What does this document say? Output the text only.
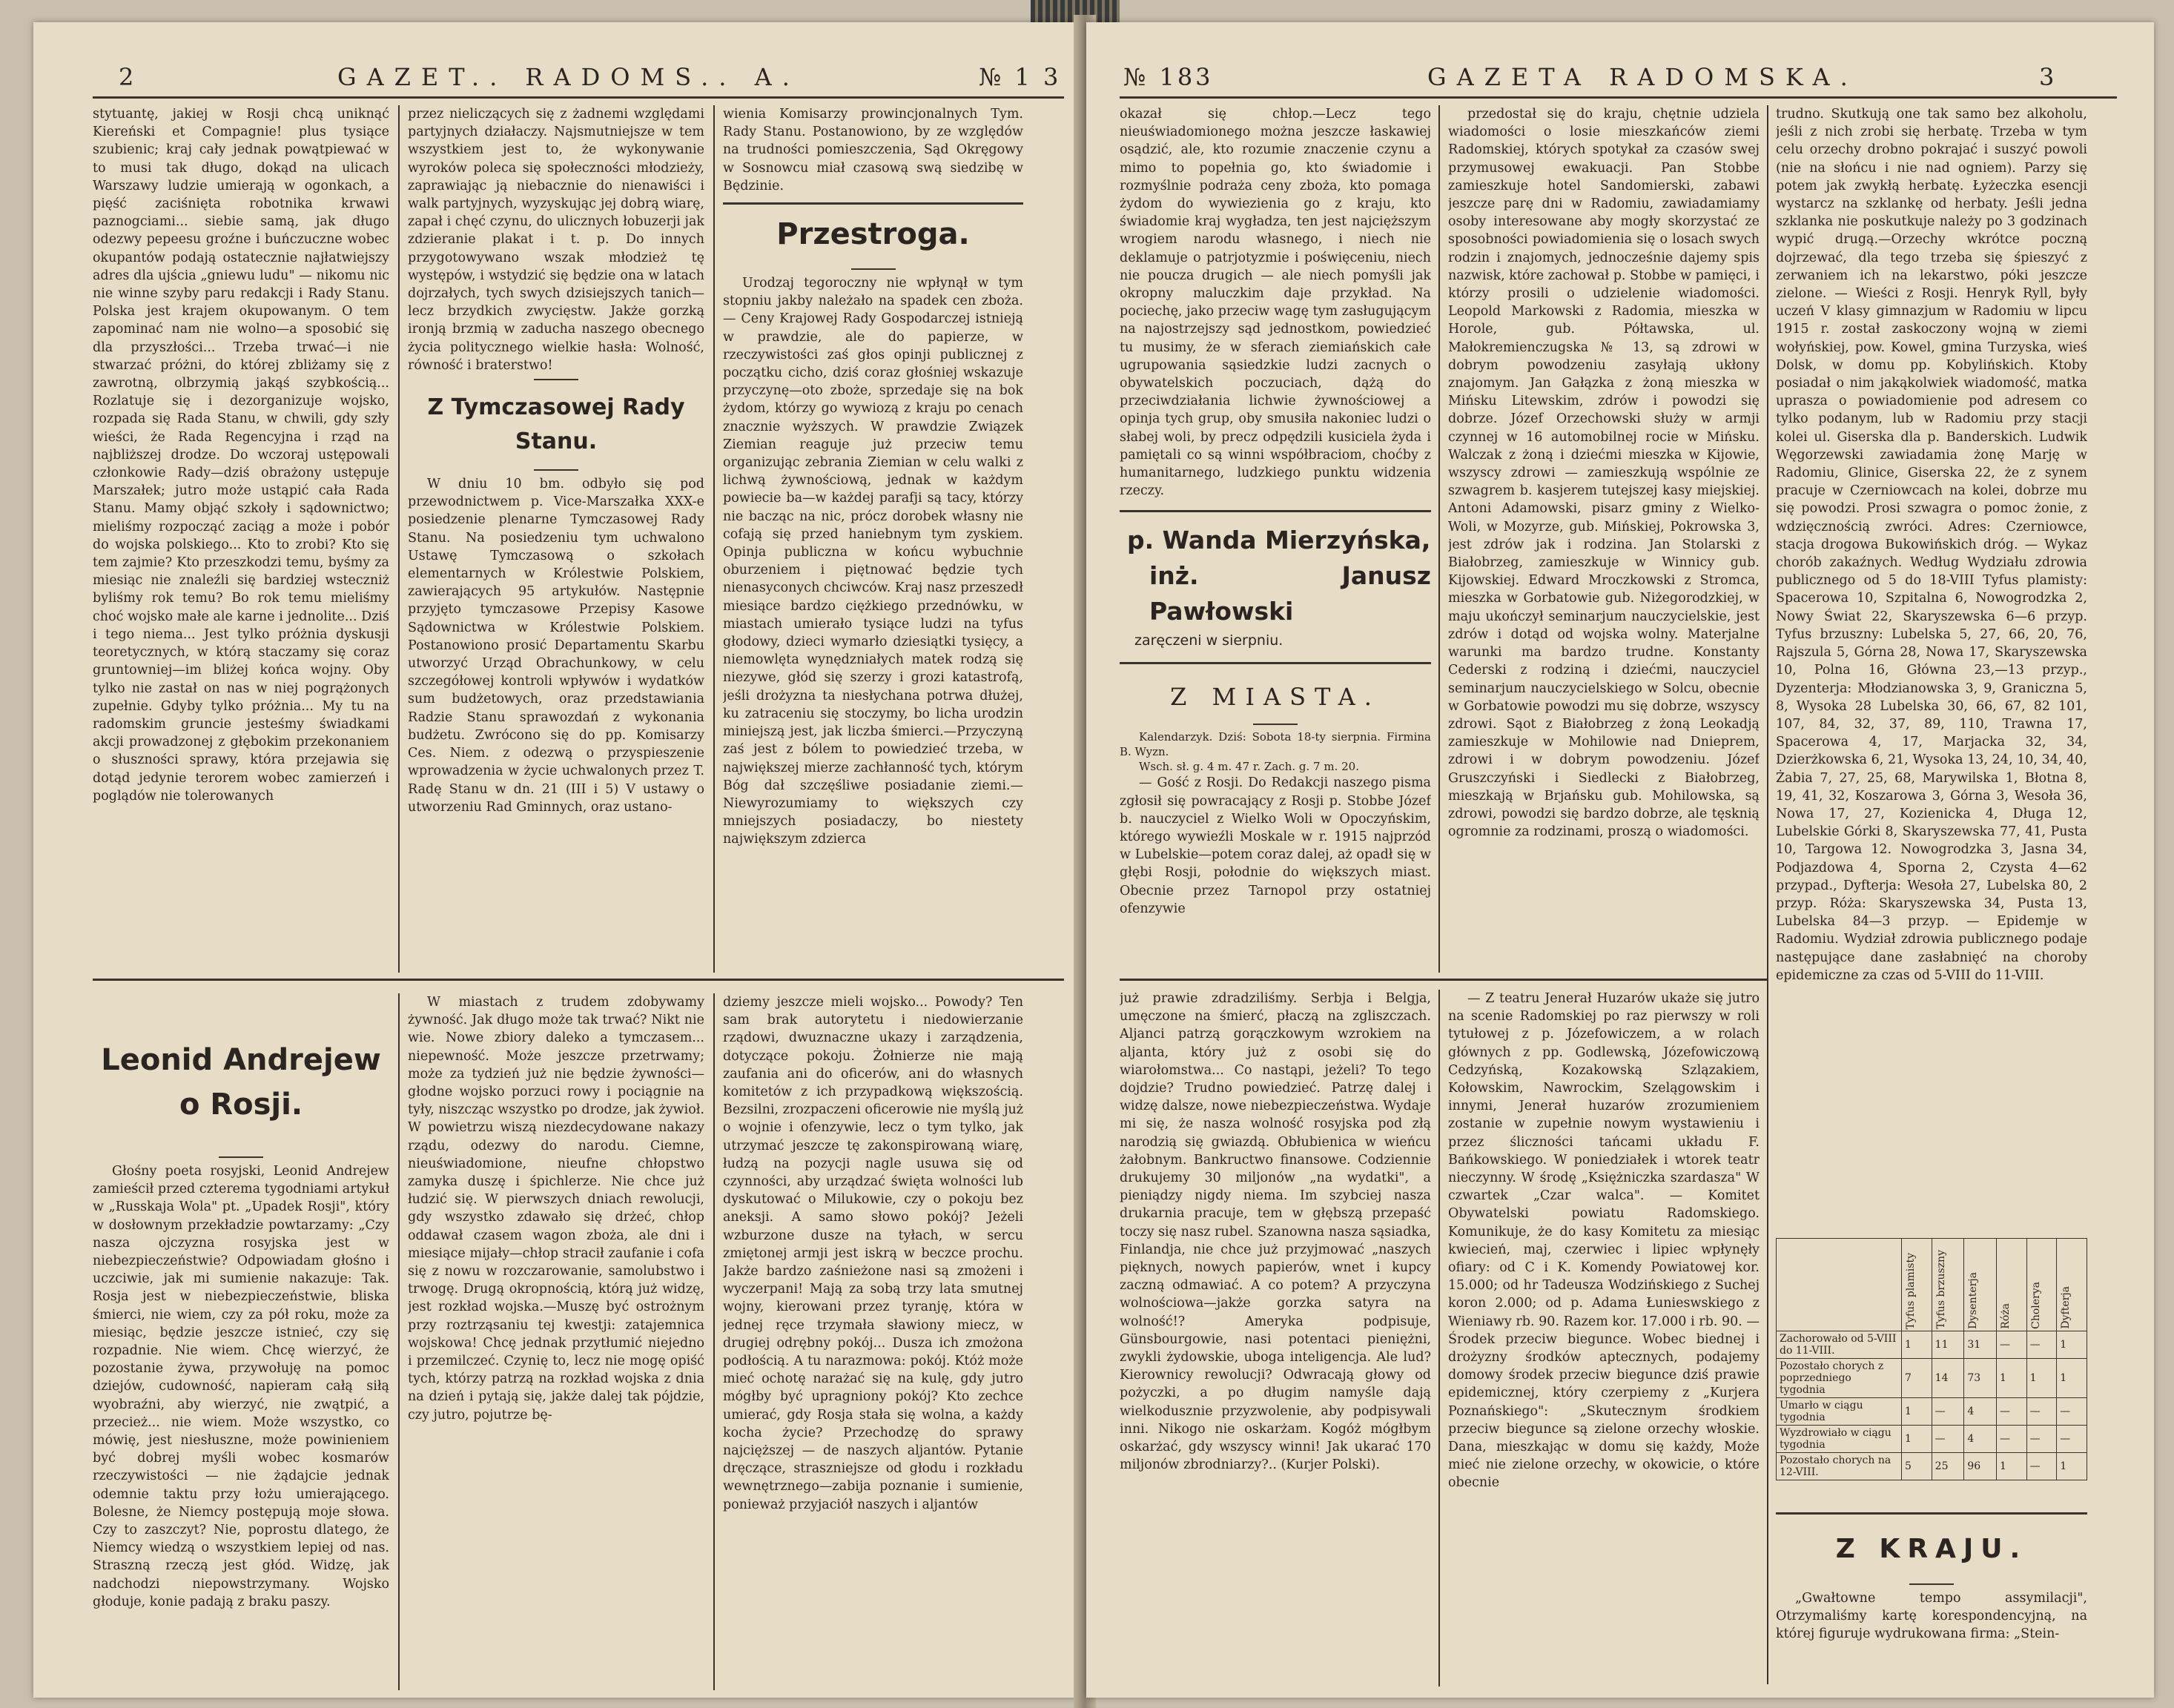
2	GAZET.. RADOMS.. A.	№ 1 3

stytuantę, jakiej w Rosji chcą uniknąć Kiereński et Compagnie! plus tysiące szubienic; kraj cały jednak powątpiewać w to musi tak długo, dokąd na ulicach Warszawy ludzie umierają w ogonkach, a pięść zaciśnięta robotnika krwawi paznogciami... siebie samą, jak długo odezwy pepeesu groźne i buńczuczne wobec okupantów podają ostatecznie najłatwiejszy adres dla ujścia „gniewu ludu" — nikomu nic nie winne szyby paru redakcji i Rady Stanu. Polska jest krajem okupowanym. O tem zapominać nam nie wolno—a sposobić się dla przyszłości... Trzeba trwać—i nie stwarzać próżni, do której zbliżamy się z zawrotną, olbrzymią jakąś szybkością... Rozlatuje się i dezorganizuje wojsko, rozpada się Rada Stanu, w chwili, gdy szły wieści, że Rada Regencyjna i rząd na najbliższej drodze. Do wczoraj ustępowali członkowie Rady—dziś obrażony ustępuje Marszałek; jutro może ustąpić cała Rada Stanu. Mamy objąć szkoły i sądownictwo; mieliśmy rozpocząć zaciąg a może i pobór do wojska polskiego... Kto to zrobi? Kto się tem zajmie? Kto przeszkodzi temu, byśmy za miesiąc nie znaleźli się bardziej wsteczniż byliśmy rok temu? Bo rok temu mieliśmy choć wojsko małe ale karne i jednolite... Dziś i tego niema... Jest tylko próżnia dyskusji teoretycznych, w którą staczamy się coraz gruntowniej—im bliżej końca wojny. Oby tylko nie zastał on nas w niej pogrążonych zupełnie. Gdyby tylko próżnia... My tu na radomskim gruncie jesteśmy świadkami akcji prowadzonej z głębokim przekonaniem o słuszności sprawy, która przejawia się dotąd jedynie terorem wobec zamierzeń i poglądów nie tolerowanych

przez nieliczących się z żadnemi względami partyjnych działaczy. Najsmutniejsze w tem wszystkiem jest to, że wykonywanie wyroków poleca się społeczności młodzieży, zaprawiając ją niebacznie do nienawiści i walk partyjnych, wyzyskując jej dobrą wiarę, zapał i chęć czynu, do ulicznych łobuzerji jak zdzieranie plakat i t. p. Do innych przygotowywano wszak młodzież tę występów, i wstydzić się będzie ona w latach dojrzałych, tych swych dzisiejszych tanich—lecz brzydkich zwycięstw. Jakże gorzką ironją brzmią w zaducha naszego obecnego życia politycznego wielkie hasła: Wolność, równość i braterstwo!

Z Tymczasowej Rady Stanu.

W dniu 10 bm. odbyło się pod przewodnictwem p. Vice-Marszałka XXX-e posiedzenie plenarne Tymczasowej Rady Stanu. Na posiedzeniu tym uchwalono Ustawę Tymczasową o szkołach elementarnych w Królestwie Polskiem, zawierających 95 artykułów. Następnie przyjęto tymczasowe Przepisy Kasowe Sądownictwa w Królestwie Polskiem. Postanowiono prosić Departamentu Skarbu utworzyć Urząd Obrachunkowy, w celu szczegółowej kontroli wpływów i wydatków sum budżetowych, oraz przedstawiania Radzie Stanu sprawozdań z wykonania budżetu. Zwrócono się do pp. Komisarzy Ces. Niem. z odezwą o przyspieszenie wprowadzenia w życie uchwalonych przez T. Radę Stanu w dn. 21 (III i 5) V ustawy o utworzeniu Rad Gminnych, oraz ustano-

wienia Komisarzy prowincjonalnych Tym. Rady Stanu. Postanowiono, by ze względów na trudności pomieszczenia, Sąd Okręgowy w Sosnowcu miał czasową swą siedzibę w Będzinie.

Przestroga.

Urodzaj tegoroczny nie wpłynął w tym stopniu jakby należało na spadek cen zboża. — Ceny Krajowej Rady Gospodarczej istnieją w prawdzie, ale do papierze, w rzeczywistości zaś głos opinji publicznej z początku cicho, dziś coraz głośniej wskazuje przyczynę—oto zboże, sprzedaje się na bok żydom, którzy go wywiozą z kraju po cenach znacznie wyższych. W prawdzie Związek Ziemian reaguje już przeciw temu organizując zebrania Ziemian w celu walki z lichwą żywnościową, jednak w każdym powiecie ba—w każdej parafji są tacy, którzy nie bacząc na nic, prócz dorobek własny nie cofają się przed haniebnym tym zyskiem. Opinja publiczna w końcu wybuchnie oburzeniem i piętnować będzie tych nienasyconych chciwców. Kraj nasz przeszedł miesiące bardzo ciężkiego przednówku, w miastach umierało tysiące ludzi na tyfus głodowy, dzieci wymarło dziesiątki tysięcy, a niemowlęta wynędzniałych matek rodzą się niezywe, głód się szerzy i grozi katastrofą, jeśli drożyzna ta niesłychana potrwa dłużej, ku zatraceniu się stoczymy, bo licha urodzin miniejszą jest, jak liczba śmierci.—Przyczyną zaś jest z bólem to powiedzieć trzeba, w największej mierze zachłanność tych, którym Bóg dał szczęśliwe posiadanie ziemi.—Niewyrozumiamy to większych czy mniejszych posiadaczy, bo niestety największym zdzierca

Leonid Andrejew o Rosji.

Głośny poeta rosyjski, Leonid Andrejew zamieścił przed czterema tygodniami artykuł w „Russkaja Wola" pt. „Upadek Rosji", który w dosłownym przekładzie powtarzamy: „Czy nasza ojczyzna rosyjska jest w niebezpieczeństwie? Odpowiadam głośno i uczciwie, jak mi sumienie nakazuje: Tak. Rosja jest w niebezpieczeństwie, bliska śmierci, nie wiem, czy za pół roku, może za miesiąc, będzie jeszcze istnieć, czy się rozpadnie. Nie wiem. Chcę wierzyć, że pozostanie żywa, przywołuję na pomoc dziejów, cudowność, napieram całą siłą wyobraźni, aby wierzyć, nie zwątpić, a przecież... nie wiem. Może wszystko, co mówię, jest niesłuszne, może powinieniem być dobrej myśli wobec kosmarów rzeczywistości — nie żądajcie jednak odemnie taktu przy łożu umierającego. Bolesne, że Niemcy postępują moje słowa. Czy to zaszczyt? Nie, poprostu dlatego, że Niemcy wiedzą o wszystkiem lepiej od nas. Straszną rzeczą jest głód. Widzę, jak nadchodzi niepowstrzymany. Wojsko głoduje, konie padają z braku paszy.

W miastach z trudem zdobywamy żywność. Jak długo może tak trwać? Nikt nie wie. Nowe zbiory daleko a tymczasem... niepewność. Może jeszcze przetrwamy; może za tydzień już nie będzie żywności—głodne wojsko porzuci rowy i pociągnie na tyły, niszcząc wszystko po drodze, jak żywioł. W powietrzu wiszą niezdecydowane nakazy rządu, odezwy do narodu. Ciemne, nieuświadomione, nieufne chłopstwo zamyka duszę i śpichlerze. Nie chce już łudzić się. W pierwszych dniach rewolucji, gdy wszystko zdawało się drżeć, chłop oddawał czasem wagon zboża, ale dni i miesiące mijały—chłop stracił zaufanie i cofa się z nowu w rozczarowanie, samolubstwo i trwogę. Drugą okropnością, którą już widzę, jest rozkład wojska.—Muszę być ostrożnym przy roztrząsaniu tej kwestji: zatajemnica wojskowa! Chcę jednak przytłumić niejedno i przemilczeć. Czynię to, lecz nie mogę opiść tych, którzy patrzą na rozkład wojska z dnia na dzień i pytają się, jakże dalej tak pójdzie, czy jutro, pojutrze bę-

dziemy jeszcze mieli wojsko... Powody? Ten sam brak autorytetu i niedowierzanie rządowi, dwuznaczne ukazy i zarządzenia, dotyczące pokoju. Żołnierze nie mają zaufania ani do oficerów, ani do własnych komitetów z ich przypadkową większością. Bezsilni, zrozpaczeni oficerowie nie myślą już o wojnie i ofenzywie, lecz o tym tylko, jak utrzymać jeszcze tę zakonspirowaną wiarę, łudzą na pozycji nagle usuwa się od czynności, aby urządzać święta wolności lub dyskutować o Milukowie, czy o pokoju bez aneksji. A samo słowo pokój? Jeżeli wzburzone dusze na tyłach, w sercu zmiętonej armji jest iskrą w beczce prochu. Jakże bardzo zaśnieżone nasi są zmożeni i wyczerpani! Mają za sobą trzy lata smutnej wojny, kierowani przez tyranję, która w jednej ręce trzymała sławiony miecz, w drugiej odrębny pokój... Dusza ich zmożona podłością. A tu narazmowa: pokój. Któż może mieć ochotę narażać się na kulę, gdy jutro mógłby być upragniony pokój? Kto zechce umierać, gdy Rosja stała się wolna, a każdy kocha życie? Przechodzę do sprawy najcięższej — de naszych aljantów. Pytanie dręczące, straszniejsze od głodu i rozkładu wewnętrznego—zabija poznanie i sumienie, ponieważ przyjaciół naszych i aljantów

№ 183	GAZETA RADOMSKA.	3

okazał się chłop.—Lecz tego nieuświadomionego można jeszcze łaskawiej osądzić, ale, kto rozumie znaczenie czynu a mimo to popełnia go, kto świadomie i rozmyślnie podraża ceny zboża, kto pomaga żydom do wywiezienia go z kraju, kto świadomie kraj wygładza, ten jest najcięższym wrogiem narodu własnego, i niech nie deklamuje o patrjotyzmie i poświęceniu, niech nie poucza drugich — ale niech pomyśli jak okropny maluczkim daje przykład. Na pociechę, jako przeciw wagę tym zasługującym na najostrzejszy sąd jednostkom, powiedzieć tu musimy, że w sferach ziemiańskich całe ugrupowania sąsiedzkie ludzi zacnych o obywatelskich poczuciach, dążą do przeciwdziałania lichwie żywnościowej a opinja tych grup, oby smusiła nakoniec ludzi o słabej woli, by precz odpędzili kusiciela żyda i pamiętali co są winni współbraciom, choćby z humanitarnego, ludzkiego punktu widzenia rzeczy.

p. Wanda Mierzyńska,
inż. Janusz Pawłowski
zaręczeni w sierpniu.
Z MIASTA.

Kalendarzyk. Dziś: Sobota 18-ty sierpnia. Firmina B. Wyzn.

Wsch. sł. g. 4 m. 47 r. Zach. g. 7 m. 20.

— Gość z Rosji. Do Redakcji naszego pisma zgłosił się powracający z Rosji p. Stobbe Józef b. nauczyciel z Wielko Woli w Opoczyńskim, którego wywieźli Moskale w r. 1915 najprzód w Lubelskie—potem coraz dalej, aż opadł się w głębi Rosji, połodnie do większych miast. Obecnie przez Tarnopol przy ostatniej ofenzywie

przedostał się do kraju, chętnie udziela wiadomości o losie mieszkańców ziemi Radomskiej, których spotykał za czasów swej przymusowej ewakuacji. Pan Stobbe zamieszkuje hotel Sandomierski, zabawi jeszcze parę dni w Radomiu, zawiadamiamy osoby interesowane aby mogły skorzystać ze sposobności powiadomienia się o losach swych rodzin i znajomych, jednocześnie dajemy spis nazwisk, które zachował p. Stobbe w pamięci, i którzy prosili o udzielenie wiadomości. Leopold Markowski z Radomia, mieszka w Horole, gub. Półtawska, ul. Małokremienczugska № 13, są zdrowi w dobrym powodzeniu zasyłają ukłony znajomym. Jan Gałązka z żoną mieszka w Mińsku Litewskim, zdrów i powodzi się dobrze. Józef Orzechowski służy w armji czynnej w 16 automobilnej rocie w Mińsku. Walczak z żoną i dziećmi mieszka w Kijowie, wszyscy zdrowi — zamieszkują wspólnie ze szwagrem b. kasjerem tutejszej kasy miejskiej. Antoni Adamowski, pisarz gminy z Wielko-Woli, w Mozyrze, gub. Mińskiej, Pokrowska 3, jest zdrów jak i rodzina. Jan Stolarski z Białobrzeg, zamieszkuje w Winnicy gub. Kijowskiej. Edward Mroczkowski z Stromca, mieszka w Gorbatowie gub. Niżegorodzkiej, w maju ukończył seminarjum nauczycielskie, jest zdrów i dotąd od wojska wolny. Materjalne warunki ma bardzo trudne. Konstanty Cederski z rodziną i dziećmi, nauczyciel seminarjum nauczycielskiego w Solcu, obecnie w Gorbatowie powodzi mu się dobrze, wszyscy zdrowi. Sąot z Białobrzeg z żoną Leokadją zamieszkuje w Mohilowie nad Dnieprem, zdrowi i w dobrym powodzeniu. Józef Gruszczyński i Siedlecki z Białobrzeg, mieszkają w Brjańsku gub. Mohilowska, są zdrowi, powodzi się bardzo dobrze, ale tęsknią ogromnie za rodzinami, proszą o wiadomości.

trudno. Skutkują one tak samo bez alkoholu, jeśli z nich zrobi się herbatę. Trzeba w tym celu orzechy drobno pokrajać i suszyć powoli (nie na słońcu i nie nad ogniem). Parzy się potem jak zwykłą herbatę. Łyżeczka esencji wystarcz na szklankę od herbaty. Jeśli jedna szklanka nie poskutkuje należy po 3 godzinach wypić drugą.—Orzechy wkrótce poczną dojrzewać, dla tego trzeba się śpieszyć z zerwaniem ich na lekarstwo, póki jeszcze zielone. — Wieści z Rosji. Henryk Ryll, były uczeń V klasy gimnazjum w Radomiu w lipcu 1915 r. został zaskoczony wojną w ziemi wołyńskiej, pow. Kowel, gmina Turzyska, wieś Dolsk, w domu pp. Kobylińskich. Ktoby posiadał o nim jakąkolwiek wiadomość, matka uprasza o powiadomienie pod adresem co tylko podanym, lub w Radomiu przy stacji kolei ul. Giserska dla p. Banderskich. Ludwik Węgorzewski zawiadamia żonę Marję w Radomiu, Glinice, Giserska 22, że z synem pracuje w Czerniowcach na kolei, dobrze mu się powodzi. Prosi szwagra o pomoc żonie, z wdzięcznością zwróci. Adres: Czerniowce, stacja drogowa Bukowińskich dróg. — Wykaz chorób zakaźnych. Według Wydziału zdrowia publicznego od 5 do 18-VIII Tyfus plamisty: Spacerowa 10, Szpitalna 6, Nowogrodzka 2, Nowy Świat 22, Skaryszewska 6—6 przyp. Tyfus brzuszny: Lubelska 5, 27, 66, 20, 76, Rajszula 5, Górna 28, Nowa 17, Skaryszewska 10, Polna 16, Główna 23,—13 przyp., Dyzenterja: Młodzianowska 3, 9, Graniczna 5, 8, Wysoka 28 Lubelska 30, 66, 67, 82 101, 107, 84, 32, 37, 89, 110, Trawna 17, Spacerowa 4, 17, Marjacka 32, 34, Dzierżkowska 6, 21, Wysoka 13, 24, 10, 34, 40, Żabia 7, 27, 25, 68, Marywilska 1, Błotna 8, 19, 41, 32, Koszarowa 3, Górna 3, Wesoła 36, Nowa 17, 27, Kozienicka 4, Długa 12, Lubelskie Górki 8, Skaryszewska 77, 41, Pusta 10, Targowa 12. Nowogrodzka 3, Jasna 34, Podjazdowa 4, Sporna 2, Czysta 4—62 przypad., Dyfterja: Wesoła 27, Lubelska 80, 2 przyp. Róża: Skaryszewska 34, Pusta 13, Lubelska 84—3 przyp. — Epidemje w Radomiu. Wydział zdrowia publicznego podaje następujące dane zasłabnięć na choroby epidemiczne za czas od 5-VIII do 11-VIII.

	Tyfus plamisty	Tyfus brzuszny	Dysenterja	Róża	Cholerya	Dyfterja

Zachorowało od 5-VIII do 11-VIII.	1	11	31	—	—	1
Pozostało chorych z poprzedniego tygodnia	7	14	73	1	1	1
Umarło w ciągu tygodnia	1	—	4	—	—	—
Wyzdrowiało w ciągu tygodnia	1	—	4	—	—	—
Pozostało chorych na 12-VIII.	5	25	96	1	—	1
Z KRAJU.

„Gwałtowne tempo assymilacji", Otrzymaliśmy kartę korespondencyjną, na której figuruje wydrukowana firma: „Stein-

już prawie zdradziliśmy. Serbja i Belgja, umęczone na śmierć, płaczą na zgliszczach. Aljanci patrzą gorączkowym wzrokiem na aljanta, który już z osobi się do wiarołomstwa... Co nastąpi, jeżeli? To tego dojdzie? Trudno powiedzieć. Patrzę dalej i widzę dalsze, nowe niebezpieczeństwa. Wydaje mi się, że nasza wolność rosyjska pod złą narodzią się gwiazdą. Obłubienica w wieńcu żałobnym. Bankructwo finansowe. Codziennie drukujemy 30 miljonów „na wydatki", a pieniądzy nigdy niema. Im szybciej nasza drukarnia pracuje, tem w głębszą przepaść toczy się nasz rubel. Szanowna nasza sąsiadka, Finlandja, nie chce już przyjmować „naszych pięknych, nowych papierów, wnet i kupcy zaczną odmawiać. A co potem? A przyczyna wolnościowa—jakże gorzka satyra na wolność!? Ameryka podpisuje, Günsbourgowie, nasi potentaci pieniężni, zwykli żydowskie, uboga inteligencja. Ale lud? Kierownicy rewolucji? Odwracają głowy od pożyczki, a po długim namyśle dają wielkodusznie przyzwolenie, aby podpisywali inni. Nikogo nie oskarżam. Kogóż mógłbym oskarżać, gdy wszyscy winni! Jak ukarać 170 miljonów zbrodniarzy?.. (Kurjer Polski).

— Z teatru Jenerał Huzarów ukaże się jutro na scenie Radomskiej po raz pierwszy w roli tytułowej z p. Józefowiczem, a w rolach głównych z pp. Godlewską, Józefowiczową Cedzyńską, Kozakowską Szlązakiem, Kołowskim, Nawrockim, Szelągowskim i innymi, Jenerał huzarów zrozumieniem zostanie w zupełnie nowym wystawieniu i przez śliczności tańcami układu F. Bańkowskiego. W poniedziałek i wtorek teatr nieczynny. W środę „Księżniczka szardasza" W czwartek „Czar walca". — Komitet Obywatelski powiatu Radomskiego. Komunikuje, że do kasy Komitetu za miesiąc kwiecień, maj, czerwiec i lipiec wpłynęły ofiary: od C i K. Komendy Powiatowej kor. 15.000; od hr Tadeusza Wodzińskiego z Suchej koron 2.000; od p. Adama Łunieswskiego z Wieniawy rb. 90. Razem kor. 17.000 i rb. 90. — Środek przeciw biegunce. Wobec biednej i drożyzny środków aptecznych, podajemy domowy środek przeciw biegunce dziś prawie epidemicznej, który czerpiemy z „Kurjera Poznańskiego": „Skutecznym środkiem przeciw biegunce są zielone orzechy włoskie. Dana, mieszkając w domu się każdy, Może mieć nie zielone orzechy, w okowicie, o które obecnie
